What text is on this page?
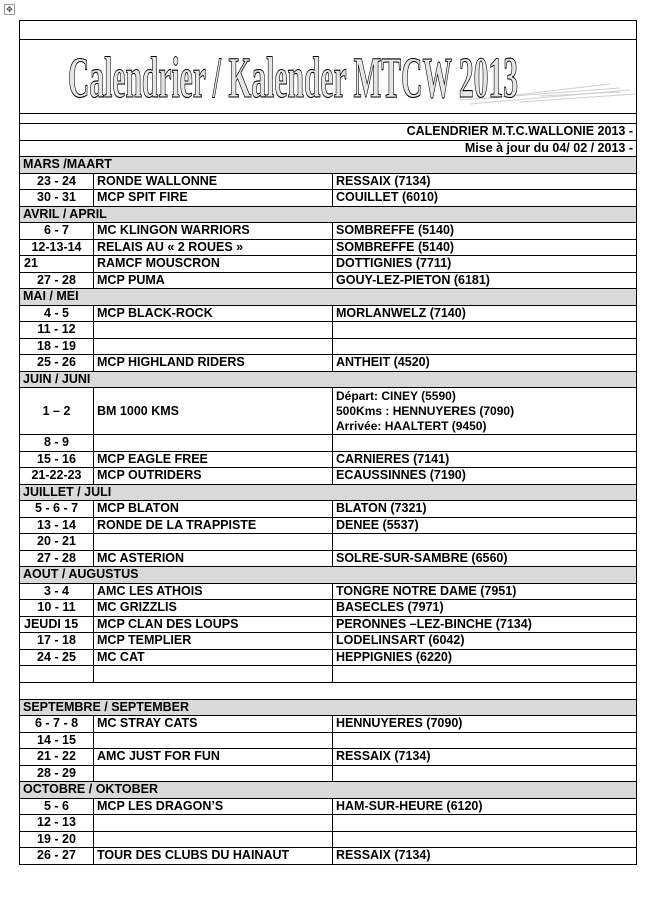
✥

Calendrier / Kalender MTCW 2013		

CALENDRIER M.T.C.WALLONIE 2013 -		
Mise à jour du 04/ 02 / 2013 -		
MARS /MAART		
23 - 24	RONDE WALLONNE	RESSAIX (7134)
30 - 31	MCP SPIT FIRE	COUILLET (6010)
AVRIL / APRIL		
6 - 7	MC KLINGON WARRIORS	SOMBREFFE (5140)
12-13-14	RELAIS AU « 2 ROUES »	SOMBREFFE (5140)
21	RAMCF MOUSCRON	DOTTIGNIES (7711)
27 - 28	MCP PUMA	GOUY-LEZ-PIETON (6181)
MAI / MEI		
4 - 5	MCP BLACK-ROCK	MORLANWELZ (7140)
11 - 12		
18 - 19		
25 - 26	MCP HIGHLAND RIDERS	ANTHEIT (4520)
JUIN / JUNI		
1 – 2	BM 1000 KMS	Départ: CINEY (5590)
500Kms : HENNUYERES (7090)
Arrivée: HAALTERT (9450)

8 - 9		
15 - 16	MCP EAGLE FREE	CARNIERES (7141)
21-22-23	MCP OUTRIDERS	ECAUSSINNES (7190)
JUILLET / JULI		
5 - 6 - 7	MCP BLATON	BLATON (7321)
13 - 14	RONDE DE LA TRAPPISTE	DENEE (5537)
20 - 21		
27 - 28	MC ASTERION	SOLRE-SUR-SAMBRE (6560)
AOUT / AUGUSTUS		
3 - 4	AMC LES ATHOIS	TONGRE NOTRE DAME (7951)
10 - 11	MC GRIZZLIS	BASECLES (7971)
JEUDI 15	MCP CLAN DES LOUPS	PERONNES –LEZ-BINCHE (7134)
17 - 18	MCP TEMPLIER	LODELINSART (6042)
24 - 25	MC CAT	HEPPIGNIES (6220)

SEPTEMBRE / SEPTEMBER		
6 - 7 - 8	MC STRAY CATS	HENNUYERES (7090)
14 - 15		
21 - 22	AMC JUST FOR FUN	RESSAIX (7134)
28 - 29		
OCTOBRE / OKTOBER		
5 - 6	MCP LES DRAGON’S	HAM-SUR-HEURE (6120)
12 - 13		
19 - 20		
26 - 27	TOUR DES CLUBS DU HAINAUT	RESSAIX (7134)
